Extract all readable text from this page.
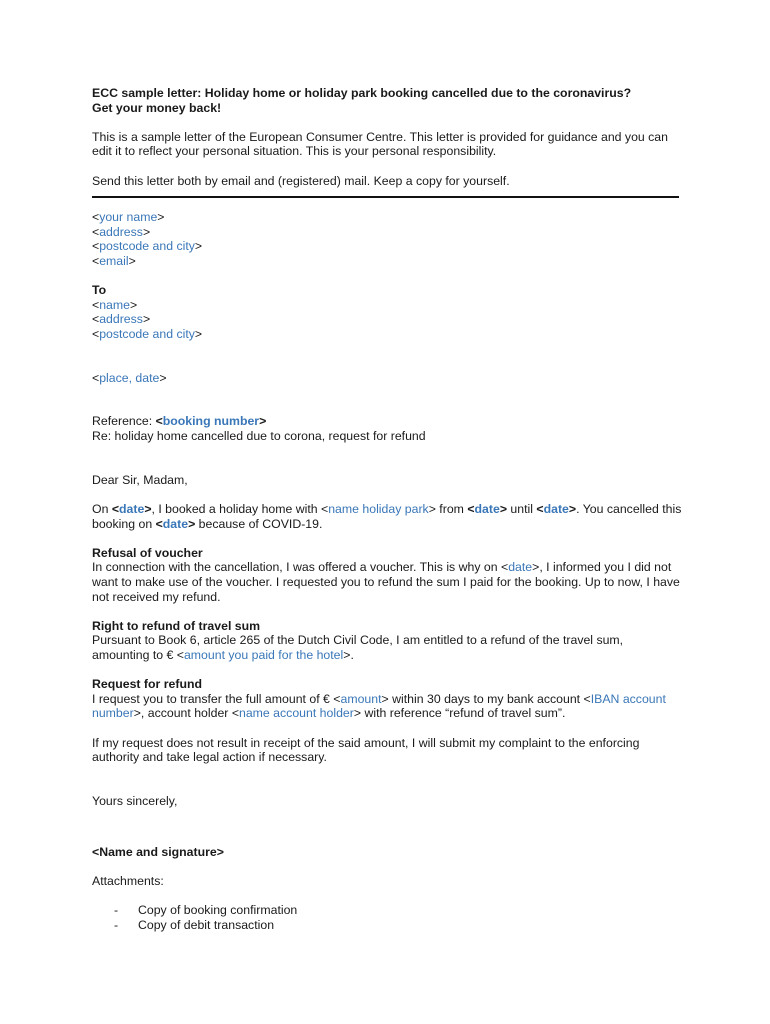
ECC sample letter: Holiday home or holiday park booking cancelled due to the coronavirus?
Get your money back!

This is a sample letter of the European Consumer Centre. This letter is provided for guidance and you can edit it to reflect your personal situation. This is your personal responsibility.

Send this letter both by email and (registered) mail. Keep a copy for yourself.

<your name>
<address>
<postcode and city>
<email>
To
<name>
<address>
<postcode and city>
<place, date>
Reference: <booking number>
Re: holiday home cancelled due to corona, request for refund
Dear Sir, Madam,

On <date>, I booked a holiday home with <name holiday park> from <date> until <date>. You cancelled this booking on <date> because of COVID-19.

Refusal of voucher

In connection with the cancellation, I was offered a voucher. This is why on <date>, I informed you I did not want to make use of the voucher. I requested you to refund the sum I paid for the booking. Up to now, I have not received my refund.

Right to refund of travel sum

Pursuant to Book 6, article 265 of the Dutch Civil Code, I am entitled to a refund of the travel sum, amounting to € <amount you paid for the hotel>.

Request for refund

I request you to transfer the full amount of € <amount> within 30 days to my bank account <IBAN account number>, account holder <name account holder> with reference “refund of travel sum”.

If my request does not result in receipt of the said amount, I will submit my complaint to the enforcing authority and take legal action if necessary.

Yours sincerely,
<Name and signature>
Attachments:
- Copy of booking confirmation
- Copy of debit transaction
